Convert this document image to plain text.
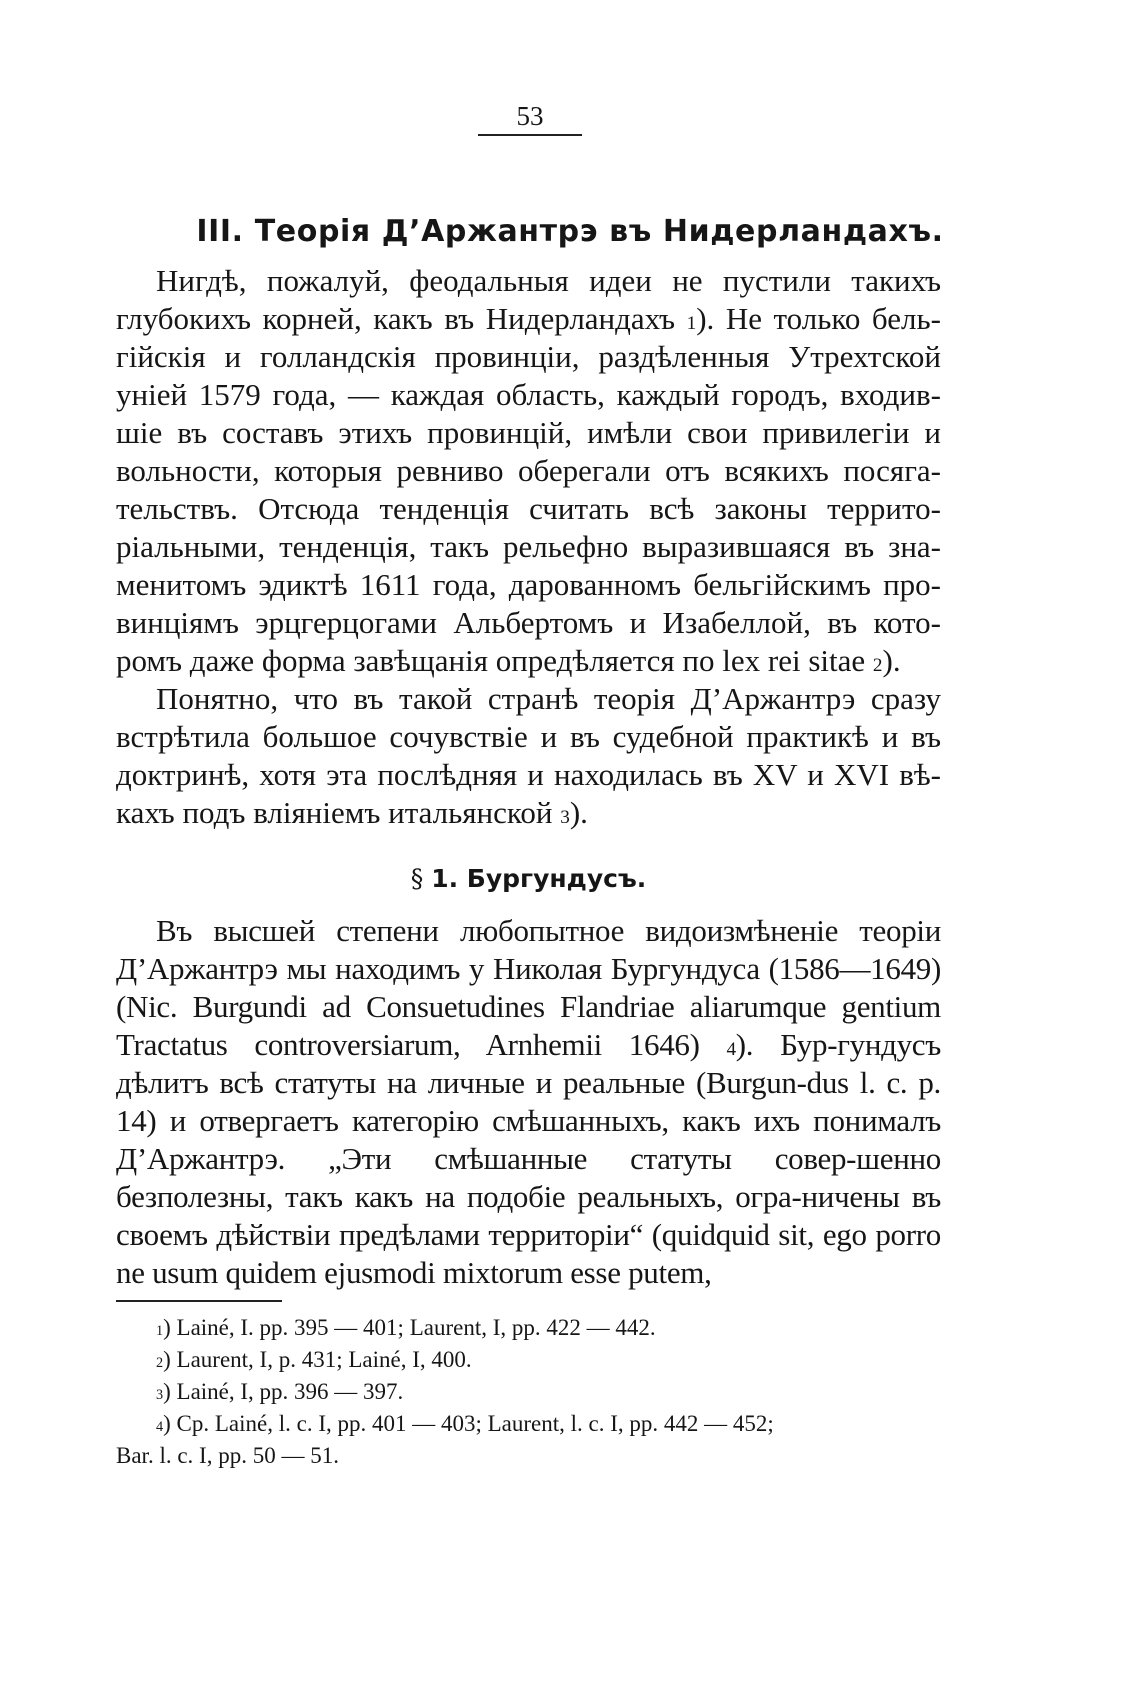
53
III. Теорія Д’Аржантрэ въ Нидерландахъ.

Нигдѣ, пожалуй, феодальныя идеи не пустили такихъ глубокихъ корней, какъ въ Нидерландахъ $^1$). Не только бель-гійскія и голландскія провинціи, раздѣленныя Утрехтской уніей 1579 года, — каждая область, каждый городъ, входив-шіе въ составъ этихъ провинцій, имѣли свои привилегіи и вольности, которыя ревниво оберегали отъ всякихъ посяга-тельствъ. Отсюда тенденція считать всѣ законы террито-ріальными, тенденція, такъ рельефно выразившаяся въ зна-менитомъ эдиктѣ 1611 года, дарованномъ бельгійскимъ про-винціямъ эрцгерцогами Альбертомъ и Изабеллой, въ кото-ромъ даже форма завѣщанія опредѣляется по lex rei sitae $^2$).

Понятно, что въ такой странѣ теорія Д’Аржантрэ сразу встрѣтила большое сочувствіе и въ судебной практикѣ и въ доктринѣ, хотя эта послѣдняя и находилась въ XV и XVI вѣ-кахъ подъ вліяніемъ итальянской $^3$).

§ 1. Бургундусъ.

Въ высшей степени любопытное видоизмѣненіе теоріи Д’Аржантрэ мы находимъ у Николая Бургундуса (1586—1649) (Nic. Burgundi ad Consuetudines Flandriae aliarumque gentium Tractatus controversiarum, Arnhemii 1646) $^4$). Бур-гундусъ дѣлитъ всѣ статуты на личные и реальные (Burgun-dus l. c. p. 14) и отвергаетъ категорію смѣшанныхъ, какъ ихъ понималъ Д’Аржантрэ. „Эти смѣшанные статуты совер-шенно безполезны, такъ какъ на подобіе реальныхъ, огра-ничены въ своемъ дѣйствіи предѣлами территоріи“ (quidquid sit, ego porro ne usum quidem ejusmodi mixtorum esse putem,

$^1$) Lainé, I. pp. 395 — 401; Laurent, I, pp. 422 — 442.
$^2$) Laurent, I, p. 431; Lainé, I, 400.
$^3$) Lainé, I, pp. 396 — 397.
$^4$) Cp. Lainé, l. c. I, pp. 401 — 403; Laurent, l. c. I, pp. 442 — 452;
Bar. l. c. I, pp. 50 — 51.
